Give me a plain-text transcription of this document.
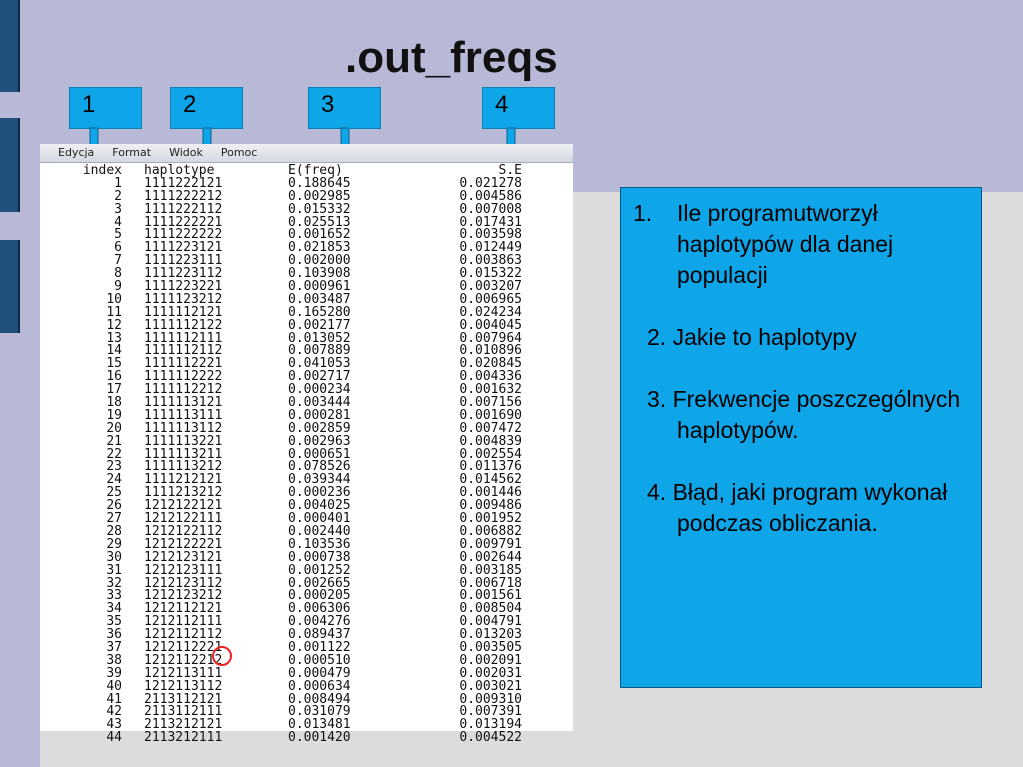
.out_freqs
1	2	3	4
Edycja Format Widok Pomoc
index haplotype	E(freq)	S.E
1 1111222121	0.188645	0.021278
2 1111222212	0.002985	0.004586
3 1111222112	0.015332	0.007008
4 1111222221	0.025513	0.017431
5 1111222222	0.001652	0.003598
6 1111223121	0.021853	0.012449
7 1111223111	0.002000	0.003863
8 1111223112	0.103908	0.015322
9 1111223221	0.000961	0.003207
10 1111123212	0.003487	0.006965
11 1111112121	0.165280	0.024234
12 1111112122	0.002177	0.004045
13 1111112111	0.013052	0.007964
14 1111112112	0.007889	0.010896
15 1111112221	0.041053	0.020845
16 1111112222	0.002717	0.004336
17 1111112212	0.000234	0.001632
18 1111113121	0.003444	0.007156
19 1111113111	0.000281	0.001690
20 1111113112	0.002859	0.007472
21 1111113221	0.002963	0.004839
22 1111113211	0.000651	0.002554
23 1111113212	0.078526	0.011376
24 1111212121	0.039344	0.014562
25 1111213212	0.000236	0.001446
26 1212122121	0.004025	0.009486
27 1212122111	0.000401	0.001952
28 1212122112	0.002440	0.006882
29 1212122221	0.103536	0.009791
30 1212123121	0.000738	0.002644
31 1212123111	0.001252	0.003185
32 1212123112	0.002665	0.006718
33 1212123212	0.000205	0.001561
34 1212112121	0.006306	0.008504
35 1212112111	0.004276	0.004791
36 1212112112	0.089437	0.013203
37 1212112221	0.001122	0.003505
38 1212112212	0.000510	0.002091
39 1212113111	0.000479	0.002031
40 1212113112	0.000634	0.003021
41 2113112121	0.008494	0.009310
42 2113112111	0.031079	0.007391
43 2113212121	0.013481	0.013194
44 2113212111	0.001420	0.004522
1.	Ile programutworzył haplotypów dla danej populacji
2. Jakie to haplotypy
3. Frekwencje poszczególnych haplotypów.
4. Błąd, jaki program wykonał podczas obliczania.
